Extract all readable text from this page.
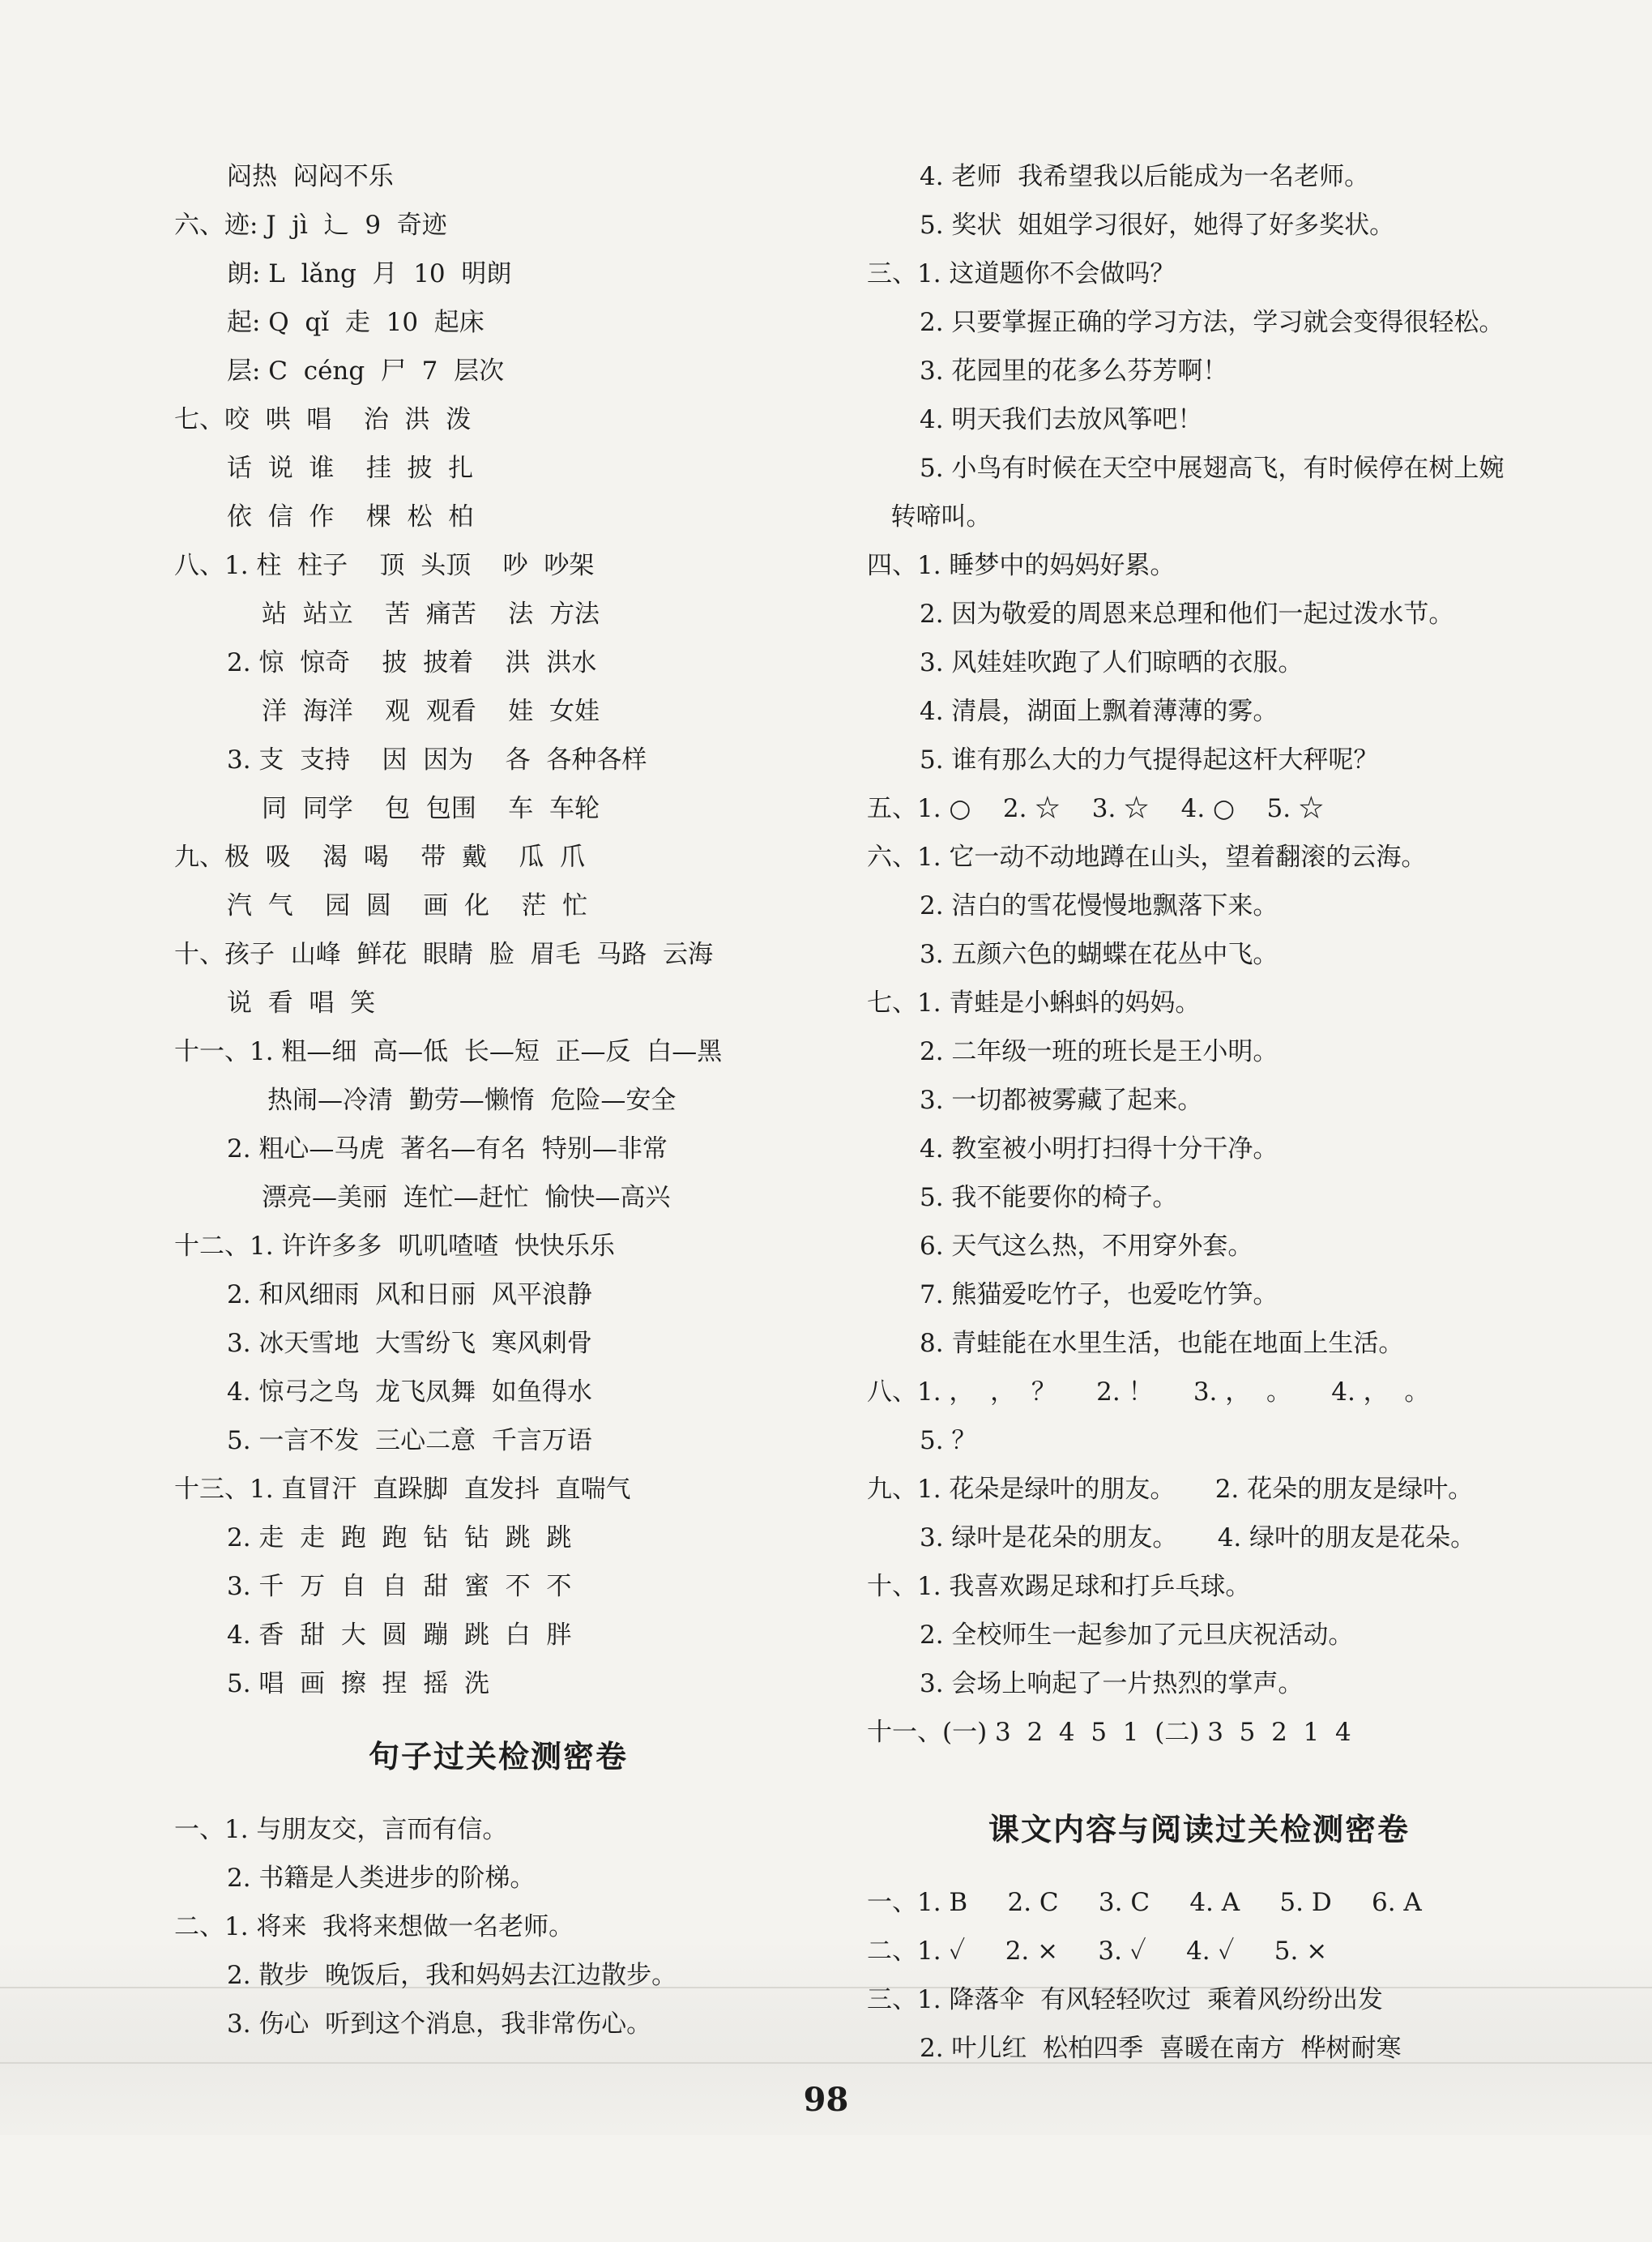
闷热  闷闷不乐
六、迹: J  jì  辶  9  奇迹
朗: L  lǎng  月  10  明朗
起: Q  qǐ  走  10  起床
层: C  céng  尸  7  层次
七、咬  哄  唱    治  洪  泼
话  说  谁    挂  披  扎
依  信  作    棵  松  柏
八、1. 柱  柱子    顶  头顶    吵  吵架
站  站立    苦  痛苦    法  方法
2. 惊  惊奇    披  披着    洪  洪水
洋  海洋    观  观看    娃  女娃
3. 支  支持    因  因为    各  各种各样
同  同学    包  包围    车  车轮
九、极  吸    渴  喝    带  戴    瓜  爪
汽  气    园  圆    画  化    茫  忙
十、孩子  山峰  鲜花  眼睛  脸  眉毛  马路  云海
说  看  唱  笑
十一、1. 粗—细  高—低  长—短  正—反  白—黑
热闹—冷清  勤劳—懒惰  危险—安全
2. 粗心—马虎  著名—有名  特别—非常
漂亮—美丽  连忙—赶忙  愉快—高兴
十二、1. 许许多多  叽叽喳喳  快快乐乐
2. 和风细雨  风和日丽  风平浪静
3. 冰天雪地  大雪纷飞  寒风刺骨
4. 惊弓之鸟  龙飞凤舞  如鱼得水
5. 一言不发  三心二意  千言万语
十三、1. 直冒汗  直跺脚  直发抖  直喘气
2. 走  走  跑  跑  钻  钻  跳  跳
3. 千  万  自  自  甜  蜜  不  不
4. 香  甜  大  圆  蹦  跳  白  胖
5. 唱  画  擦  捏  摇  洗
句子过关检测密卷
一、1. 与朋友交，言而有信。
2. 书籍是人类进步的阶梯。
二、1. 将来  我将来想做一名老师。
2. 散步  晚饭后，我和妈妈去江边散步。
3. 伤心  听到这个消息，我非常伤心。
4. 老师  我希望我以后能成为一名老师。
5. 奖状  姐姐学习很好，她得了好多奖状。
三、1. 这道题你不会做吗？
2. 只要掌握正确的学习方法，学习就会变得很轻松。
3. 花园里的花多么芬芳啊！
4. 明天我们去放风筝吧！
5. 小鸟有时候在天空中展翅高飞，有时候停在树上婉
转啼叫。
四、1. 睡梦中的妈妈好累。
2. 因为敬爱的周恩来总理和他们一起过泼水节。
3. 风娃娃吹跑了人们晾晒的衣服。
4. 清晨，湖面上飘着薄薄的雾。
5. 谁有那么大的力气提得起这杆大秤呢？
五、1. ○    2. ☆    3. ☆    4. ○    5. ☆
六、1. 它一动不动地蹲在山头，望着翻滚的云海。
2. 洁白的雪花慢慢地飘落下来。
3. 五颜六色的蝴蝶在花丛中飞。
七、1. 青蛙是小蝌蚪的妈妈。
2. 二年级一班的班长是王小明。
3. 一切都被雾藏了起来。
4. 教室被小明打扫得十分干净。
5. 我不能要你的椅子。
6. 天气这么热，不用穿外套。
7. 熊猫爱吃竹子，也爱吃竹笋。
8. 青蛙能在水里生活，也能在地面上生活。
八、1. ，  ，  ？     2. ！     3. ，  。     4. ，  。
5. ？
九、1. 花朵是绿叶的朋友。     2. 花朵的朋友是绿叶。
3. 绿叶是花朵的朋友。     4. 绿叶的朋友是花朵。
十、1. 我喜欢踢足球和打乒乓球。
2. 全校师生一起参加了元旦庆祝活动。
3. 会场上响起了一片热烈的掌声。
十一、(一) 3  2  4  5  1  (二) 3  5  2  1  4
课文内容与阅读过关检测密卷
一、1. B     2. C     3. C     4. A     5. D     6. A
二、1. ✓     2. ×     3. ✓     4. ✓     5. ×
三、1. 降落伞  有风轻轻吹过  乘着风纷纷出发
2. 叶儿红  松柏四季  喜暖在南方  桦树耐寒
98
